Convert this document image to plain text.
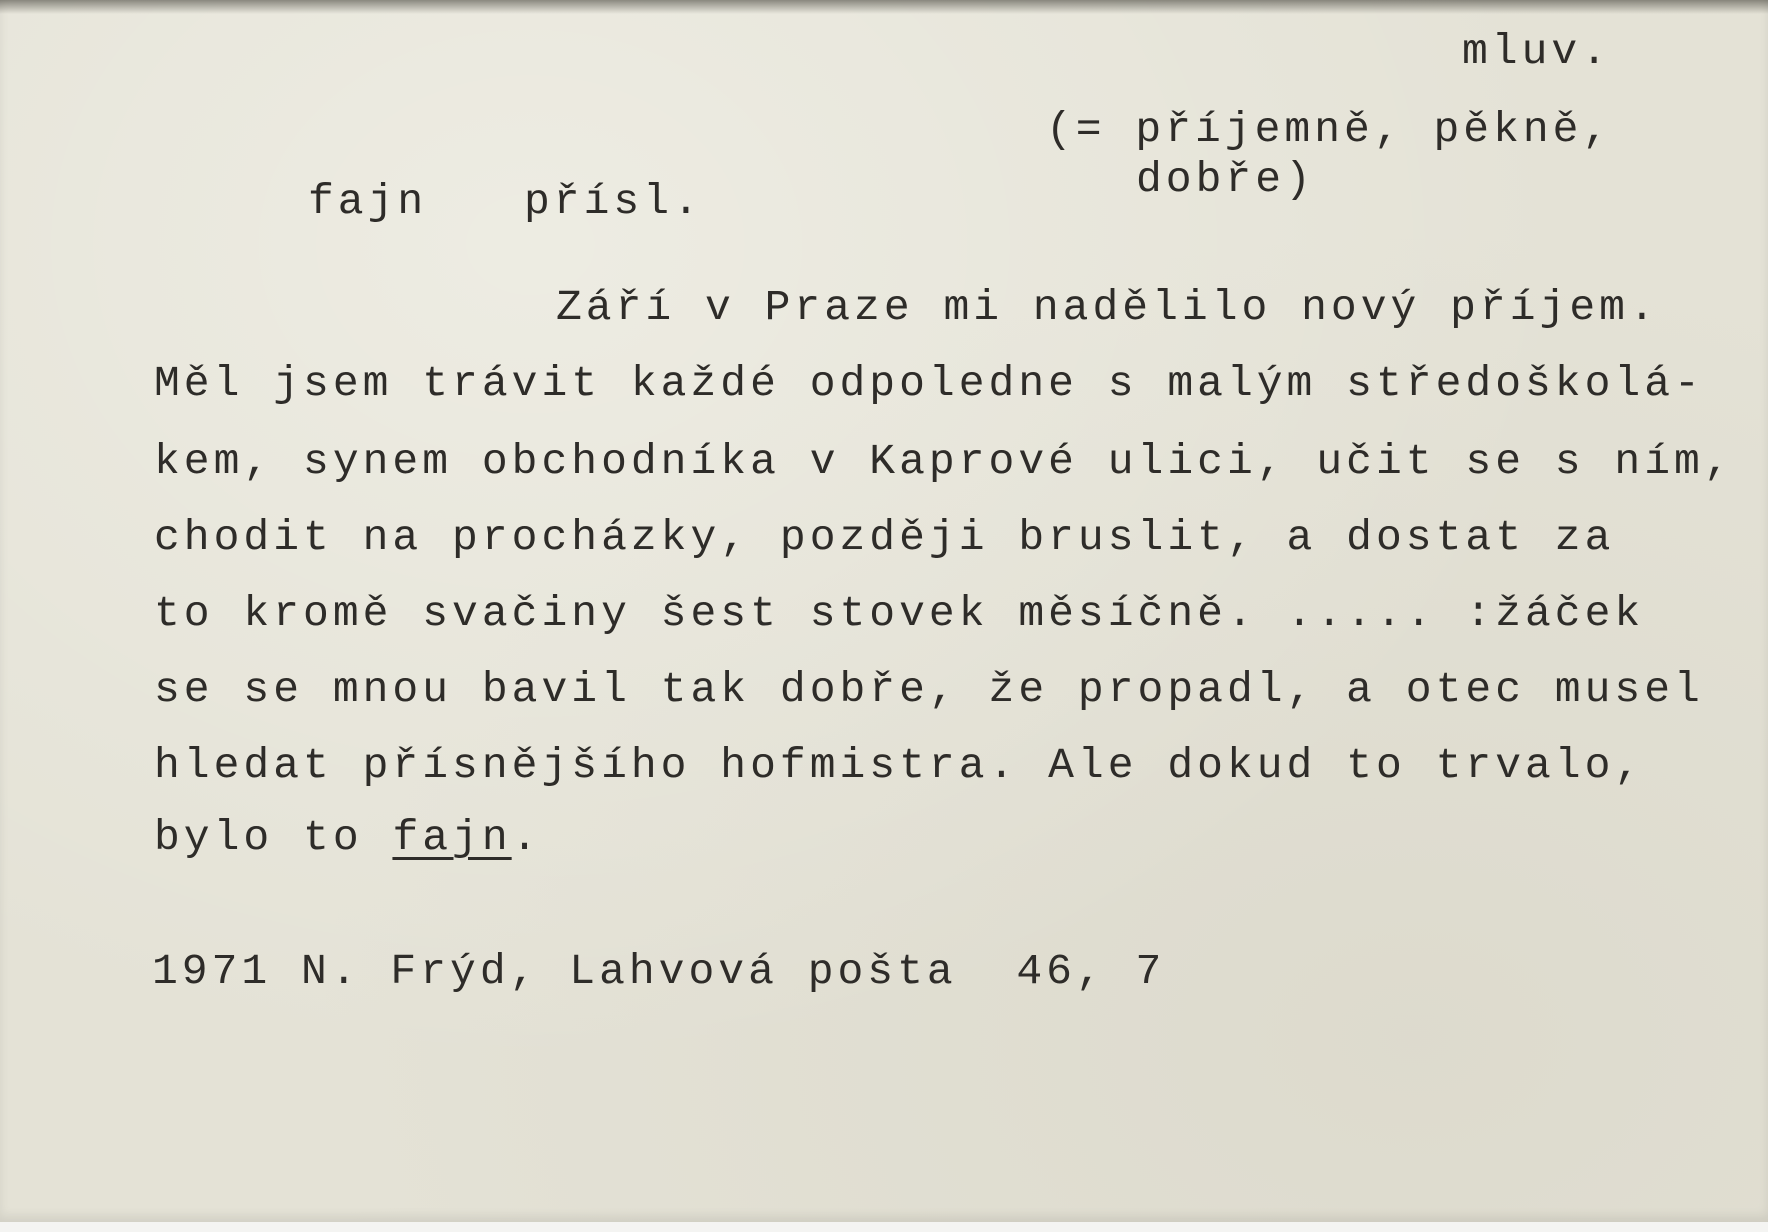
mluv.
(= příjemně, pěkně,
dobře)
fajn přísl.
Září v Praze mi nadělilo nový příjem.
Měl jsem trávit každé odpoledne s malým středoškolá-
kem, synem obchodníka v Kaprové ulici, učit se s ním,
chodit na procházky, později bruslit, a dostat za
to kromě svačiny šest stovek měsíčně. ..... :žáček
se se mnou bavil tak dobře, že propadl, a otec musel
hledat přísnějšího hofmistra. Ale dokud to trvalo,
bylo to fajn.
1971 N. Frýd, Lahvová pošta  46, 7
